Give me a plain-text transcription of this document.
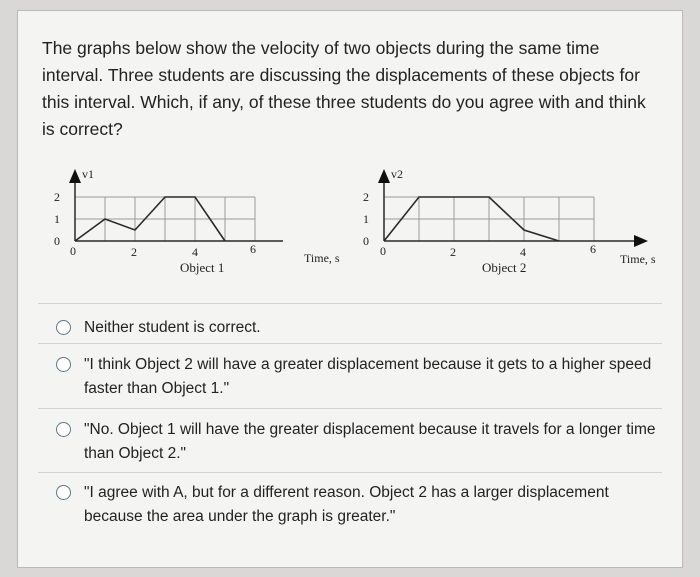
The graphs below show the velocity of two objects during the same time interval. Three students are discussing the displacements of these objects for this interval. Which, if any, of these three students do you agree with and think is correct?
v1
0
1
2
0	2	4	6
Time, s
Object 1
v2
0
1
2
0	2	4	6
Time, s
Object 2
Neither student is correct.
"I think Object 2 will have a greater displacement because it gets to a higher speed faster than Object 1."
"No. Object 1 will have the greater displacement because it travels for a longer time than Object 2."
"I agree with A, but for a different reason. Object 2 has a larger displacement because the area under the graph is greater."
